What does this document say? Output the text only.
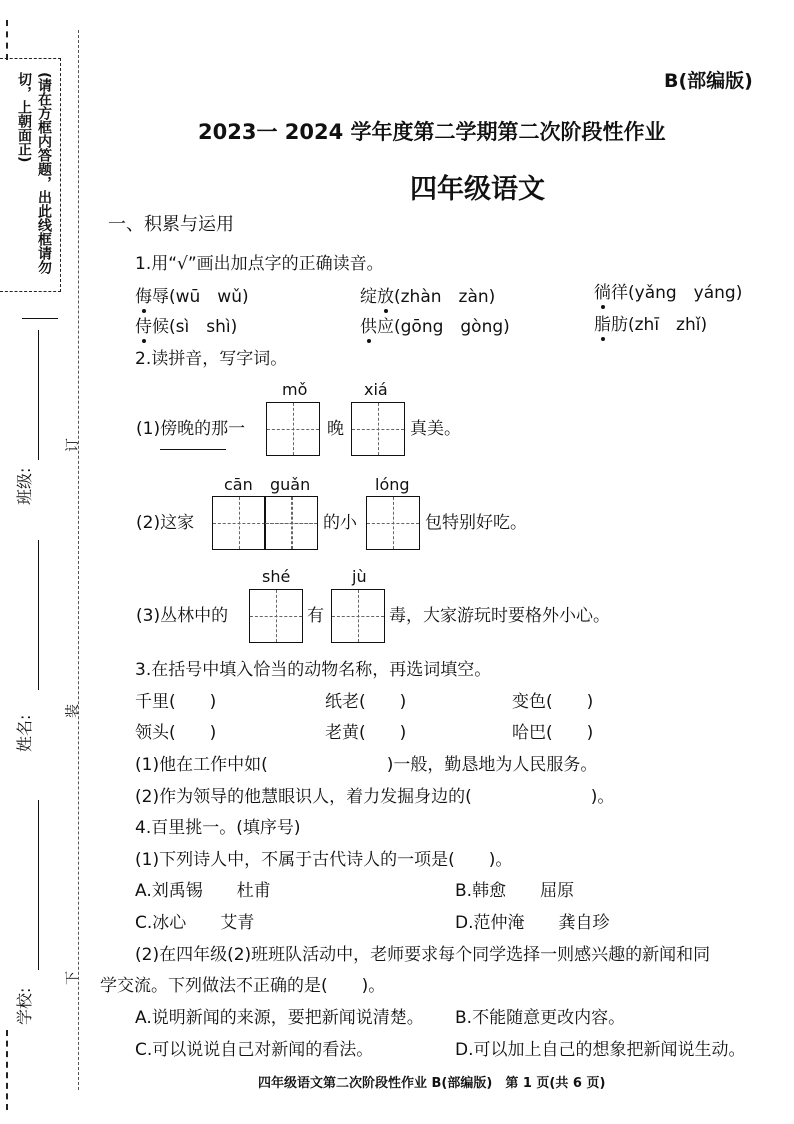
(请在方框内答题，出此线框请勿切，上朝面正)
班级:
姓名:
学校:
订
装
下
B(部编版)
2023一 2024 学年度第二学期第二次阶段性作业
四年级语文
一、积累与运用
1.用“√”画出加点字的正确读音。
侮辱(wū　wǔ)	绽放(zhàn　zàn)	徜徉(yǎng　yáng)
侍候(sì　shì)	供应(gōng　gòng)	脂肪(zhī　zhǐ)
2.读拼音，写字词。
mǒ	xiá
(1)傍晚的那一	晚	真美。
cān guǎn	lóng
(2)这家	的小	包特别好吃。
shé	jù
(3)丛林中的	有	毒，大家游玩时要格外小心。
3.在括号中填入恰当的动物名称，再选词填空。
千里(　　)	纸老(　　)	变色(　　)
领头(　　)	老黄(　　)	哈巴(　　)
(1)他在工作中如(　　　　　　　)一般，勤恳地为人民服务。
(2)作为领导的他慧眼识人，着力发掘身边的(　　　　　　　)。
4.百里挑一。(填序号)
(1)下列诗人中，不属于古代诗人的一项是(　　)。
A.刘禹锡　　杜甫	B.韩愈　　屈原
C.冰心　　艾青	D.范仲淹　　龚自珍
(2)在四年级(2)班班队活动中，老师要求每个同学选择一则感兴趣的新闻和同
学交流。下列做法不正确的是(　　)。
A.说明新闻的来源，要把新闻说清楚。 B.不能随意更改内容。
C.可以说说自己对新闻的看法。	D.可以加上自己的想象把新闻说生动。
四年级语文第二次阶段性作业 B(部编版)　第 1 页(共 6 页)
